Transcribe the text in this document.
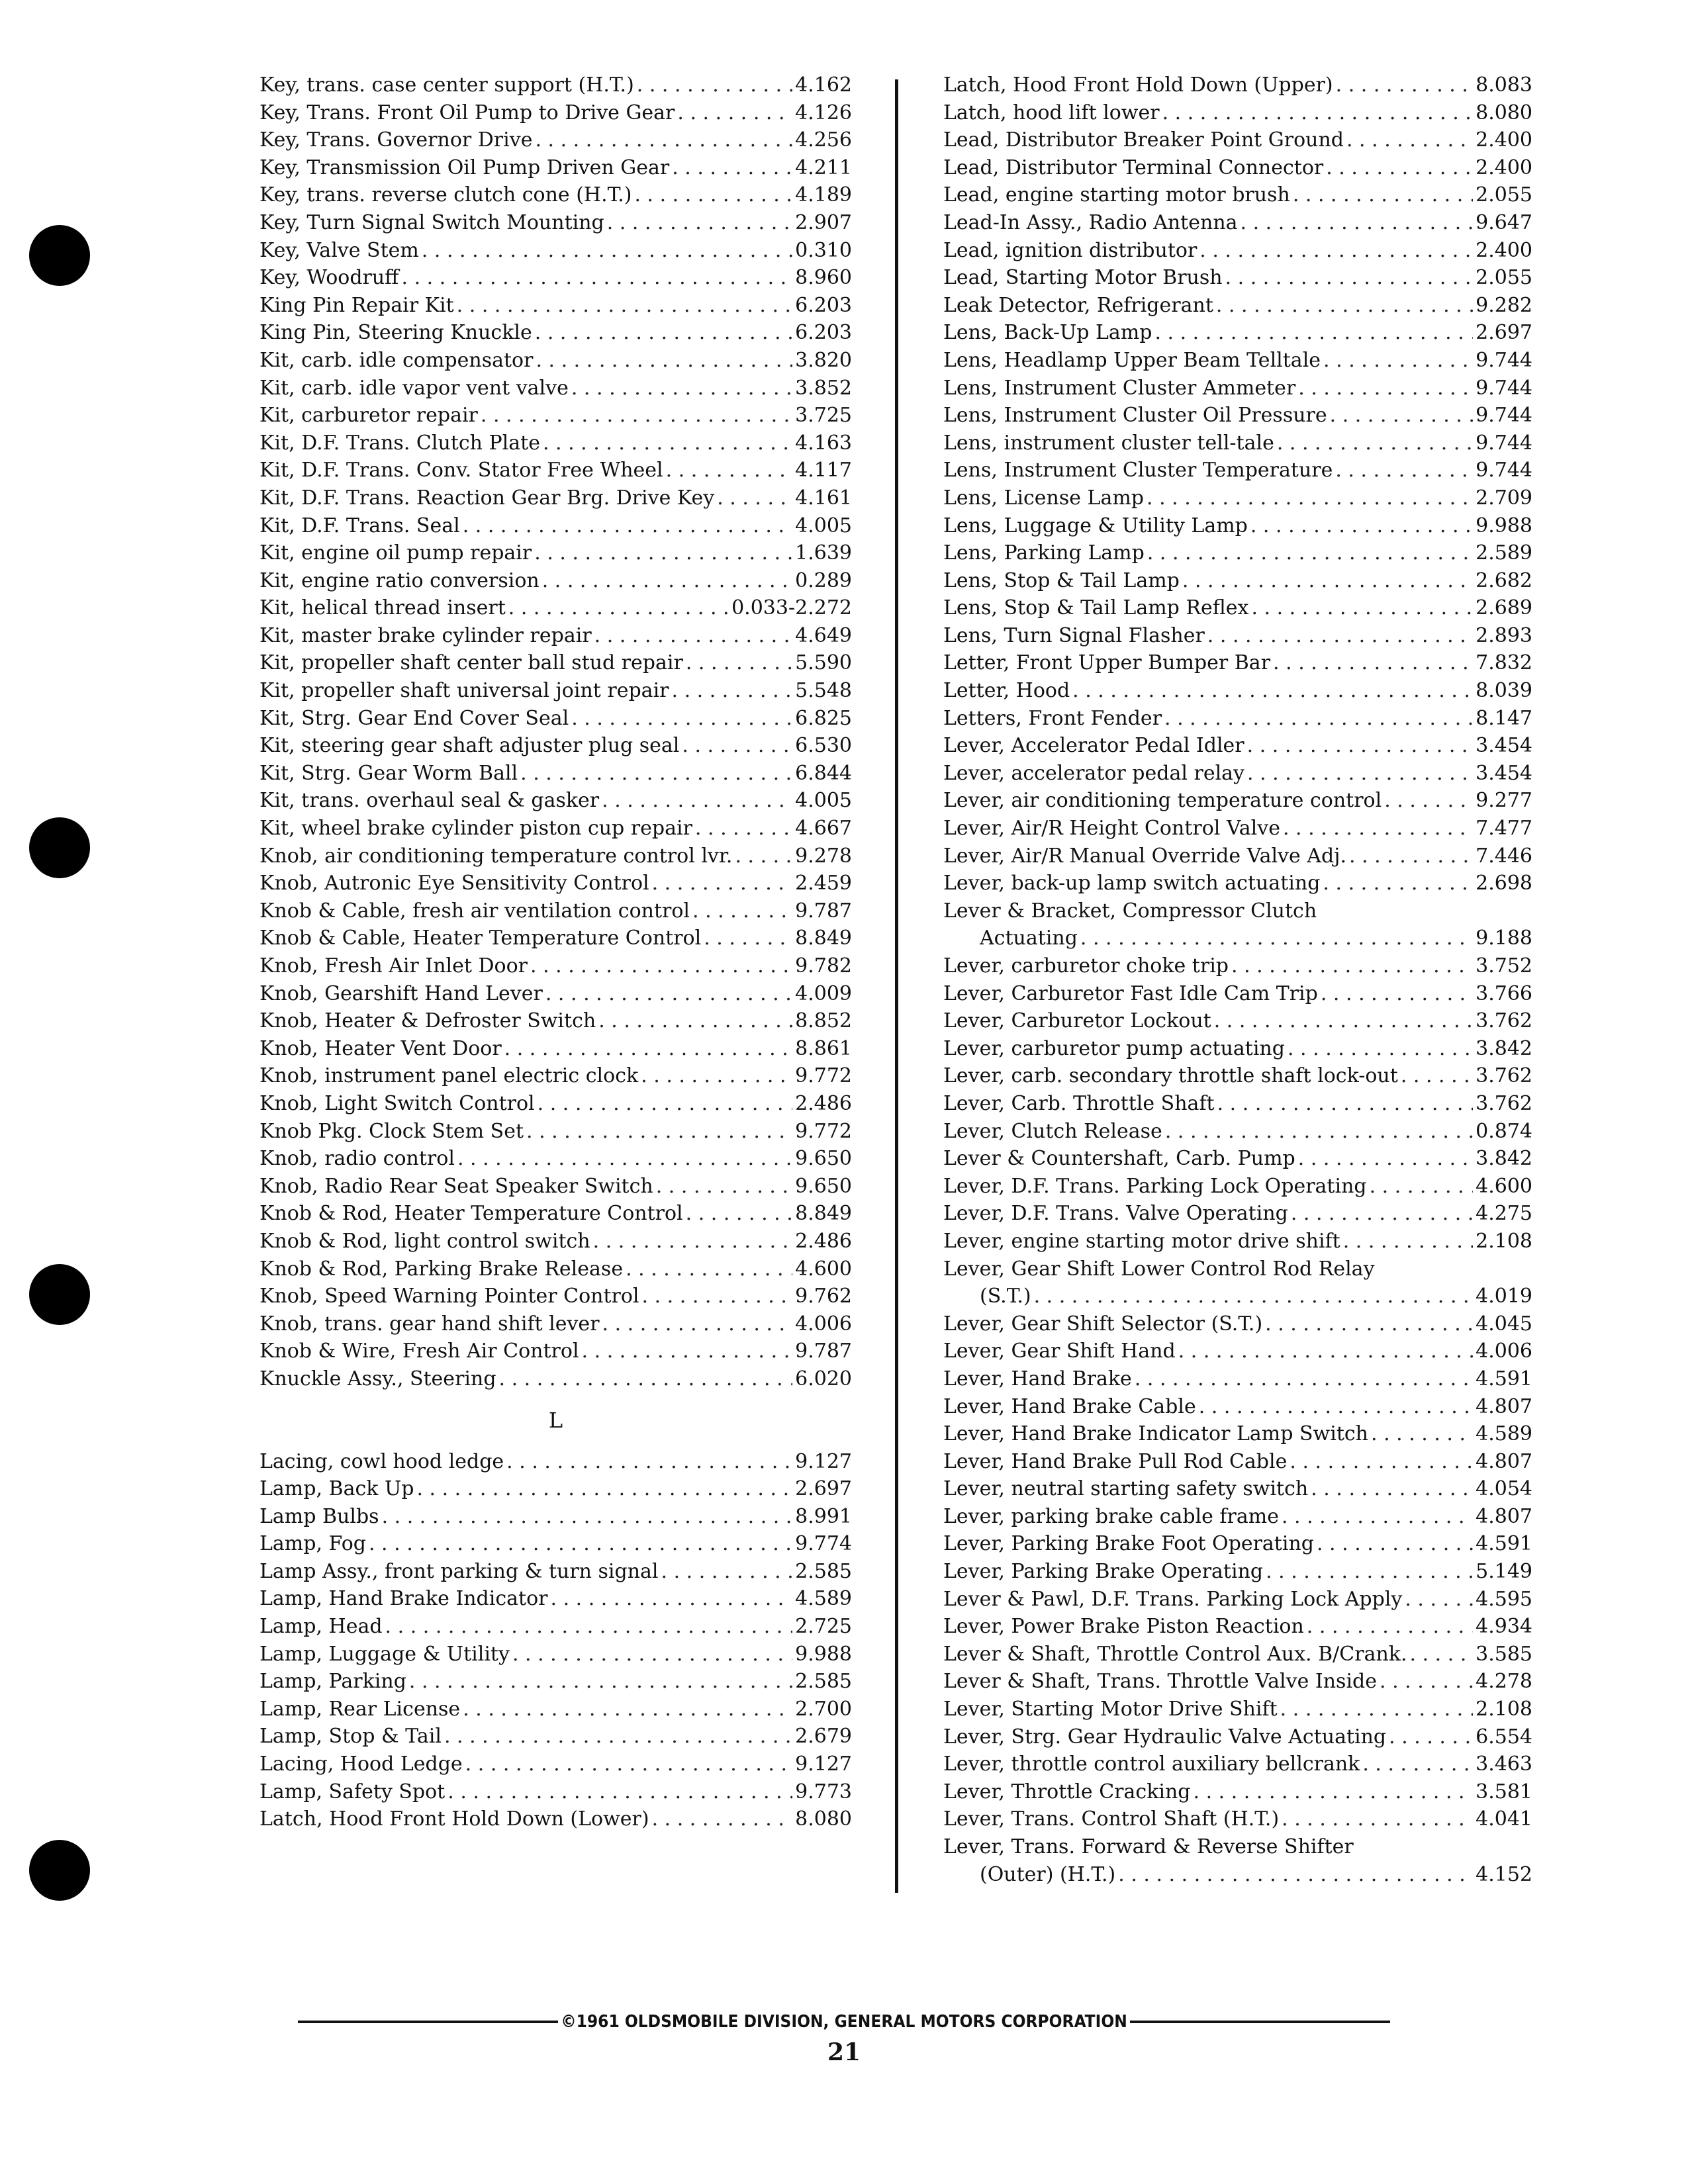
Key, trans. case center support (H.T.) . . .	4.162
Key, Trans. Front Oil Pump to Drive Gear . . .	4.126
Key, Trans. Governor Drive . . .	4.256
Key, Transmission Oil Pump Driven Gear . . .	4.211
Key, trans. reverse clutch cone (H.T.) . . .	4.189
Key, Turn Signal Switch Mounting . . .	2.907
Key, Valve Stem . . .	0.310
Key, Woodruff . . .	8.960
King Pin Repair Kit . . .	6.203
King Pin, Steering Knuckle . . .	6.203
Kit, carb. idle compensator . . .	3.820
Kit, carb. idle vapor vent valve . . .	3.852
Kit, carburetor repair . . .	3.725
Kit, D.F. Trans. Clutch Plate . . .	4.163
Kit, D.F. Trans. Conv. Stator Free Wheel . . .	4.117
Kit, D.F. Trans. Reaction Gear Brg. Drive Key . . .	4.161
Kit, D.F. Trans. Seal . . .	4.005
Kit, engine oil pump repair . . .	1.639
Kit, engine ratio conversion . . .	0.289
Kit, helical thread insert . . .	0.033-2.272
Kit, master brake cylinder repair . . .	4.649
Kit, propeller shaft center ball stud repair . . .	5.590
Kit, propeller shaft universal joint repair . . .	5.548
Kit, Strg. Gear End Cover Seal . . .	6.825
Kit, steering gear shaft adjuster plug seal . . .	6.530
Kit, Strg. Gear Worm Ball . . .	6.844
Kit, trans. overhaul seal & gasker . . .	4.005
Kit, wheel brake cylinder piston cup repair . . .	4.667
Knob, air conditioning temperature control lvr. . . .	9.278
Knob, Autronic Eye Sensitivity Control . . .	2.459
Knob & Cable, fresh air ventilation control . . .	9.787
Knob & Cable, Heater Temperature Control . . .	8.849
Knob, Fresh Air Inlet Door . . .	9.782
Knob, Gearshift Hand Lever . . .	4.009
Knob, Heater & Defroster Switch . . .	8.852
Knob, Heater Vent Door . . .	8.861
Knob, instrument panel electric clock . . .	9.772
Knob, Light Switch Control . . .	2.486
Knob Pkg. Clock Stem Set . . .	9.772
Knob, radio control . . .	9.650
Knob, Radio Rear Seat Speaker Switch . . .	9.650
Knob & Rod, Heater Temperature Control . . .	8.849
Knob & Rod, light control switch . . .	2.486
Knob & Rod, Parking Brake Release . . .	4.600
Knob, Speed Warning Pointer Control . . .	9.762
Knob, trans. gear hand shift lever . . .	4.006
Knob & Wire, Fresh Air Control . . .	9.787
Knuckle Assy., Steering . . .	6.020
L
Lacing, cowl hood ledge . . .	9.127
Lamp, Back Up . . .	2.697
Lamp Bulbs . . .	8.991
Lamp, Fog . . .	9.774
Lamp Assy., front parking & turn signal . . .	2.585
Lamp, Hand Brake Indicator . . .	4.589
Lamp, Head . . .	2.725
Lamp, Luggage & Utility . . .	9.988
Lamp, Parking . . .	2.585
Lamp, Rear License . . .	2.700
Lamp, Stop & Tail . . .	2.679
Lacing, Hood Ledge . . .	9.127
Lamp, Safety Spot . . .	9.773
Latch, Hood Front Hold Down (Lower) . . .	8.080
Latch, Hood Front Hold Down (Upper) . . .	8.083
Latch, hood lift lower . . .	8.080
Lead, Distributor Breaker Point Ground . . .	2.400
Lead, Distributor Terminal Connector . . .	2.400
Lead, engine starting motor brush . . .	2.055
Lead-In Assy., Radio Antenna . . .	9.647
Lead, ignition distributor . . .	2.400
Lead, Starting Motor Brush . . .	2.055
Leak Detector, Refrigerant . . .	9.282
Lens, Back-Up Lamp . . .	2.697
Lens, Headlamp Upper Beam Telltale . . .	9.744
Lens, Instrument Cluster Ammeter . . .	9.744
Lens, Instrument Cluster Oil Pressure . . .	9.744
Lens, instrument cluster tell-tale . . .	9.744
Lens, Instrument Cluster Temperature . . .	9.744
Lens, License Lamp . . .	2.709
Lens, Luggage & Utility Lamp . . .	9.988
Lens, Parking Lamp . . .	2.589
Lens, Stop & Tail Lamp . . .	2.682
Lens, Stop & Tail Lamp Reflex . . .	2.689
Lens, Turn Signal Flasher . . .	2.893
Letter, Front Upper Bumper Bar . . .	7.832
Letter, Hood . . .	8.039
Letters, Front Fender . . .	8.147
Lever, Accelerator Pedal Idler . . .	3.454
Lever, accelerator pedal relay . . .	3.454
Lever, air conditioning temperature control . . .	9.277
Lever, Air/R Height Control Valve . . .	7.477
Lever, Air/R Manual Override Valve Adj. . . .	7.446
Lever, back-up lamp switch actuating . . .	2.698
Lever & Bracket, Compressor Clutch
Actuating . . .	9.188
Lever, carburetor choke trip . . .	3.752
Lever, Carburetor Fast Idle Cam Trip . . .	3.766
Lever, Carburetor Lockout . . .	3.762
Lever, carburetor pump actuating . . .	3.842
Lever, carb. secondary throttle shaft lock-out . . .	3.762
Lever, Carb. Throttle Shaft . . .	3.762
Lever, Clutch Release . . .	0.874
Lever & Countershaft, Carb. Pump . . .	3.842
Lever, D.F. Trans. Parking Lock Operating . . .	4.600
Lever, D.F. Trans. Valve Operating . . .	4.275
Lever, engine starting motor drive shift . . .	2.108
Lever, Gear Shift Lower Control Rod Relay
(S.T.) . . .	4.019
Lever, Gear Shift Selector (S.T.) . . .	4.045
Lever, Gear Shift Hand . . .	4.006
Lever, Hand Brake . . .	4.591
Lever, Hand Brake Cable . . .	4.807
Lever, Hand Brake Indicator Lamp Switch . . .	4.589
Lever, Hand Brake Pull Rod Cable . . .	4.807
Lever, neutral starting safety switch . . .	4.054
Lever, parking brake cable frame . . .	4.807
Lever, Parking Brake Foot Operating . . .	4.591
Lever, Parking Brake Operating . . .	5.149
Lever & Pawl, D.F. Trans. Parking Lock Apply . . .	4.595
Lever, Power Brake Piston Reaction . . .	4.934
Lever & Shaft, Throttle Control Aux. B/Crank. . . .	3.585
Lever & Shaft, Trans. Throttle Valve Inside . . .	4.278
Lever, Starting Motor Drive Shift . . .	2.108
Lever, Strg. Gear Hydraulic Valve Actuating . . .	6.554
Lever, throttle control auxiliary bellcrank . . .	3.463
Lever, Throttle Cracking . . .	3.581
Lever, Trans. Control Shaft (H.T.) . . .	4.041
Lever, Trans. Forward & Reverse Shifter
(Outer) (H.T.) . . .	4.152
©1961 OLDSMOBILE DIVISION, GENERAL MOTORS CORPORATION
21
